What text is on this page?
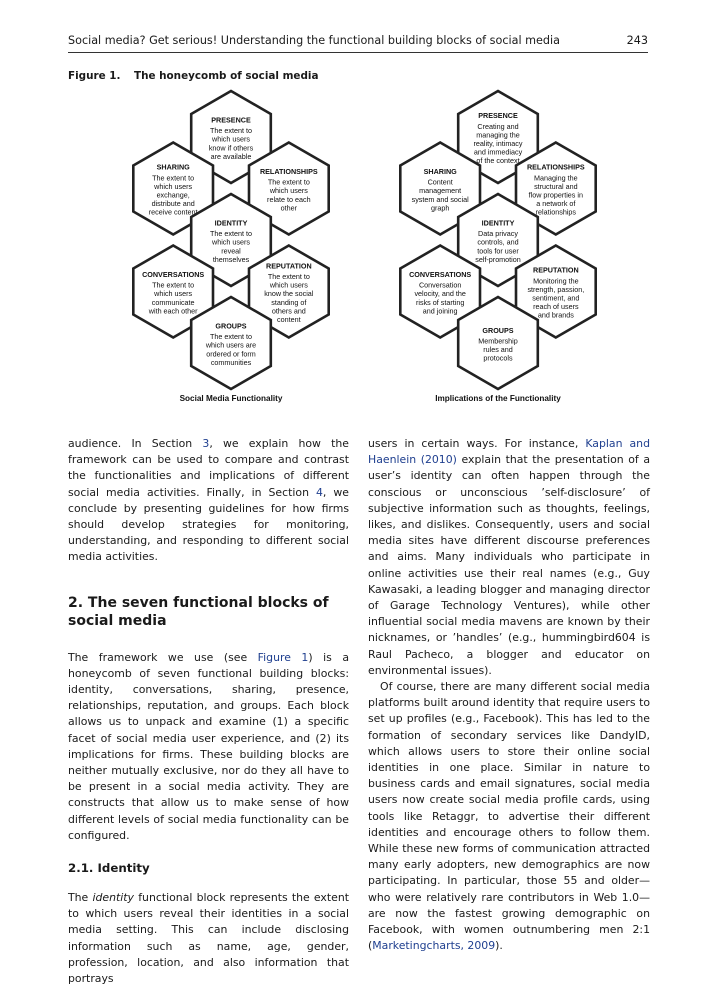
Social media? Get serious! Understanding the functional building blocks of social media	243
Figure 1. The honeycomb of social media
PRESENCE
The extent to
which users
know if others
are available
SHARING
The extent to
which users
exchange,
distribute and
receive content
RELATIONSHIPS
The extent to
which users
relate to each
other
IDENTITY
The extent to
which users
reveal
themselves
CONVERSATIONS
The extent to
which users
communicate
with each other
REPUTATION
The extent to
which users
know the social
standing of
others and
content
GROUPS
The extent to
which users are
ordered or form
communities
Social Media Functionality
PRESENCE
Creating and
managing the
reality, intimacy
and immediacy
of the context
SHARING
Content
management
system and social
graph
RELATIONSHIPS
Managing the
structural and
flow properties in
a network of
relationships
IDENTITY
Data privacy
controls, and
tools for user
self-promotion
CONVERSATIONS
Conversation
velocity, and the
risks of starting
and joining
REPUTATION
Monitoring the
strength, passion,
sentiment, and
reach of users
and brands
GROUPS
Membership
rules and
protocols
Implications of the Functionality

audience. In Section 3, we explain how the framework can be used to compare and contrast the functionalities and implications of different social media activities. Finally, in Section 4, we conclude by presenting guidelines for how firms should develop strategies for monitoring, understanding, and responding to different social media activities.

2. The seven functional blocks of social media

The framework we use (see Figure 1) is a honeycomb of seven functional building blocks: identity, conversations, sharing, presence, relationships, reputation, and groups. Each block allows us to unpack and examine (1) a specific facet of social media user experience, and (2) its implications for firms. These building blocks are neither mutually exclusive, nor do they all have to be present in a social media activity. They are constructs that allow us to make sense of how different levels of social media functionality can be configured.

2.1. Identity

The identity functional block represents the extent to which users reveal their identities in a social media setting. This can include disclosing information such as name, age, gender, profession, location, and also information that portrays

users in certain ways. For instance, Kaplan and Haenlein (2010) explain that the presentation of a user’s identity can often happen through the conscious or unconscious ’self-disclosure’ of subjective information such as thoughts, feelings, likes, and dislikes. Consequently, users and social media sites have different discourse preferences and aims. Many individuals who participate in online activities use their real names (e.g., Guy Kawasaki, a leading blogger and managing director of Garage Technology Ventures), while other influential social media mavens are known by their nicknames, or ’handles’ (e.g., hummingbird604 is Raul Pacheco, a blogger and educator on environmental issues).

Of course, there are many different social media platforms built around identity that require users to set up profiles (e.g., Facebook). This has led to the formation of secondary services like DandyID, which allows users to store their online social identities in one place. Similar in nature to business cards and email signatures, social media users now create social media profile cards, using tools like Retaggr, to advertise their different identities and encourage others to follow them. While these new forms of communication attracted many early adopters, new demographics are now participating. In particular, those 55 and older—who were relatively rare contributors in Web 1.0—are now the fastest growing demographic on Facebook, with women outnumbering men 2:1 (Marketingcharts, 2009).
